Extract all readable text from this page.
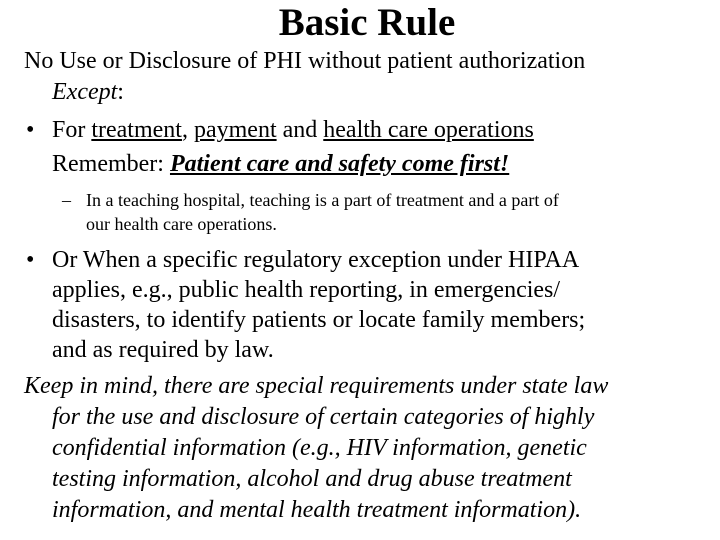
Basic Rule
No Use or Disclosure of PHI without patient authorization
Except:
• For treatment, payment and health care operations
Remember: Patient care and safety come first!
– In a teaching hospital, teaching is a part of treatment and a part of
our health care operations.
• Or When a specific regulatory exception under HIPAA
applies, e.g., public health reporting, in emergencies/
disasters, to identify patients or locate family members;
and as required by law.
Keep in mind, there are special requirements under state law
for the use and disclosure of certain categories of highly
confidential information (e.g., HIV information, genetic
testing information, alcohol and drug abuse treatment
information, and mental health treatment information).
